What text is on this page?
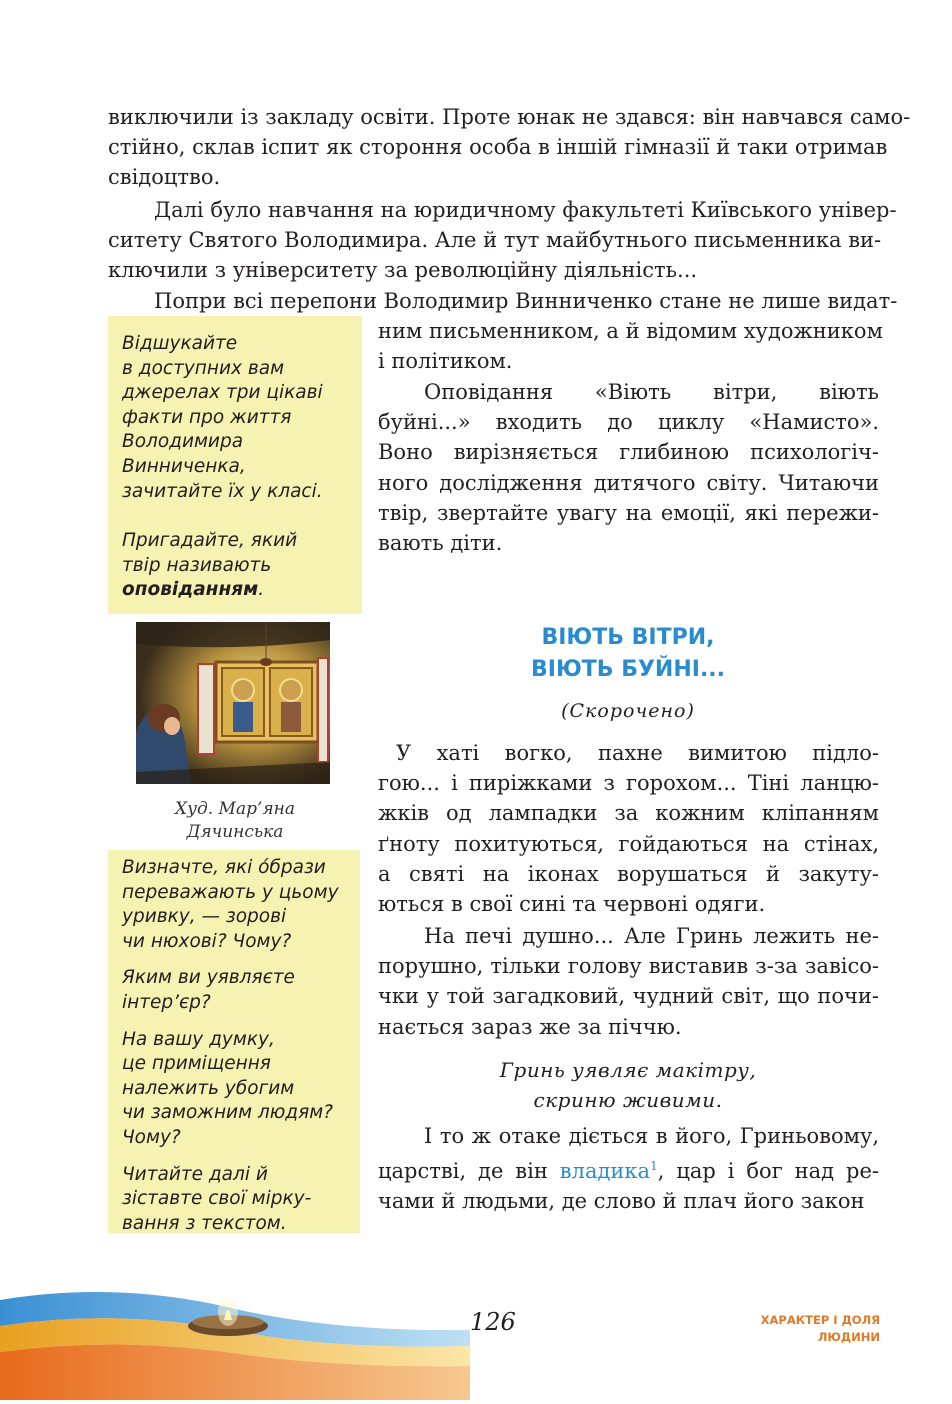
виключили із закладу освіти. Проте юнак не здався: він навчався само-
стійно, склав іспит як стороння особа в іншій гімназії й таки отримав
свідоцтво.
Далі було навчання на юридичному факультеті Київського універ-
ситету Святого Володимира. Але й тут майбутнього письменника ви-
ключили з університету за революційну діяльність...
Попри всі перепони Володимир Винниченко стане не лише видат-

Відшукайте
в доступних вам
джерелах три цікаві
факти про життя
Володимира
Винниченка,
зачитайте їх у класі.

Пригадайте, який
твір називають
оповіданням.

ним письменником, а й відомим художником
і політиком.
Оповідання «Віють вітри, віють
буйні...» входить до циклу «Намисто».
Воно вирізняється глибиною психологіч-
ного дослідження дитячого світу. Читаючи
твір, звертайте увагу на емоції, які пережи-
вають діти.
Худ. Мар’яна
Дячинська

Визначте, які о́брази
переважають у цьому
уривку, — зорові
чи нюхові? Чому?

Яким ви уявляєте
інтер’єр?

На вашу думку,
це приміщення
належить убогим
чи заможним людям?
Чому?

Читайте далі й
зіставте свої мірку-
вання з текстом.

ВІЮТЬ ВІТРИ,
ВІЮТЬ БУЙНІ...
(Скорочено)
У хаті вогко, пахне вимитою підло-
гою... і пиріжками з горохом... Тіні ланцю-
жків од лампадки за кожним кліпанням
ґноту похитуються, гойдаються на стінах,
а святі на іконах ворушаться й закуту-
ються в свої сині та червоні одяги.
На печі душно... Але Гринь лежить не-
порушно, тільки голову виставив з-за завісо-
чки у той загадковий, чудний світ, що почи-
нається зараз же за піччю.
Гринь уявляє макітру,
скриню живими.
І то ж отаке діється в його, Гриньовому,
царстві, де він владика$^1$, цар і бог над ре-
чами й людьми, де слово й плач його закон
126	ХАРАКТЕР І ДОЛЯ
ЛЮДИНИ
